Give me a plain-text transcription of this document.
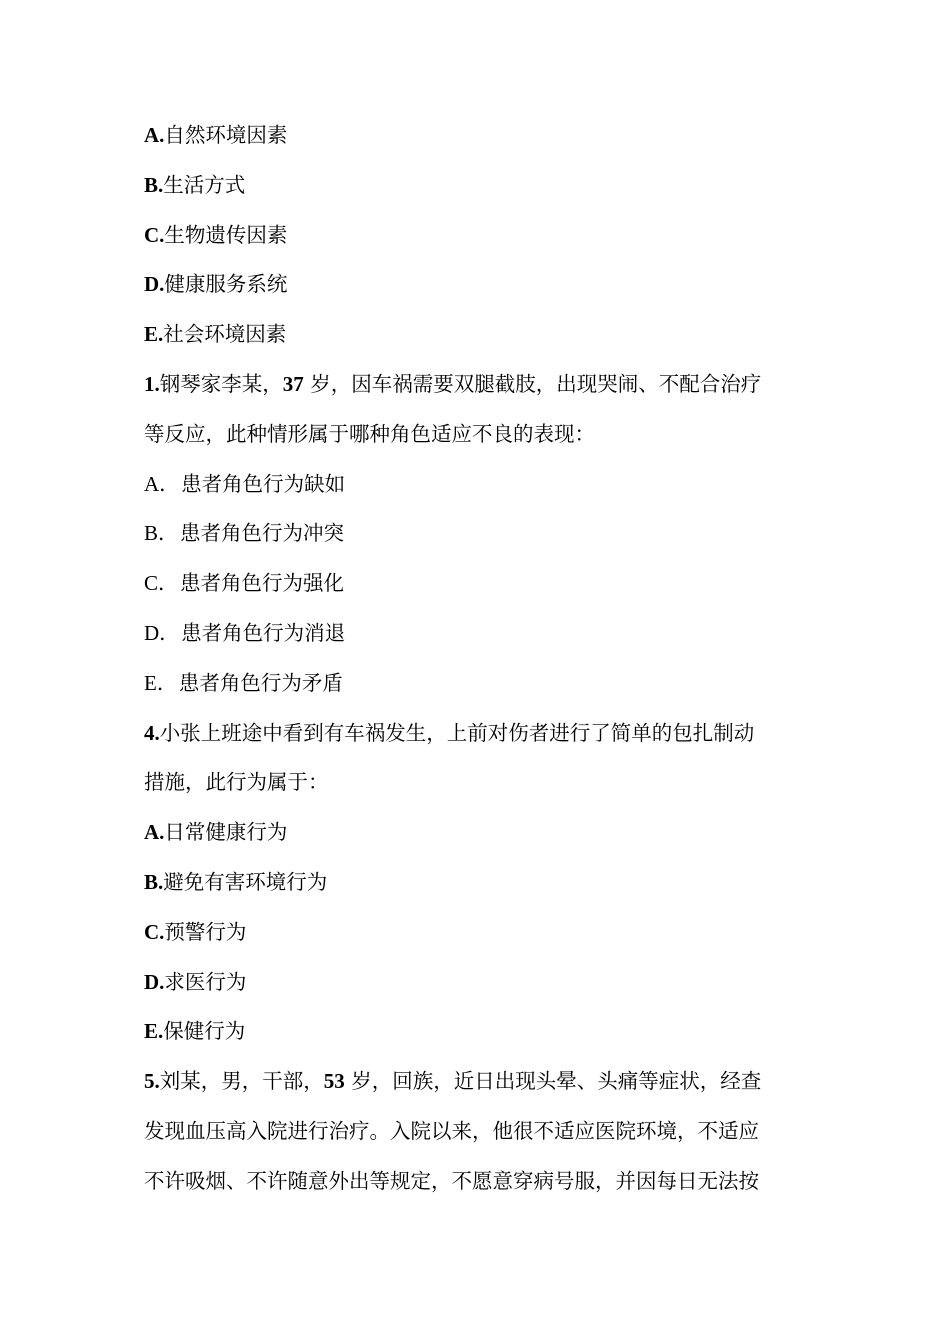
A.自然环境因素
B.生活方式
C.生物遗传因素
D.健康服务系统
E.社会环境因素
1.钢琴家李某，37 岁，因车祸需要双腿截肢，出现哭闹、不配合治疗
等反应，此种情形属于哪种角色适应不良的表现：
A．患者角色行为缺如
B．患者角色行为冲突
C．患者角色行为强化
D．患者角色行为消退
E．患者角色行为矛盾
4.小张上班途中看到有车祸发生，上前对伤者进行了简单的包扎制动
措施，此行为属于：
A.日常健康行为
B.避免有害环境行为
C.预警行为
D.求医行为
E.保健行为
5.刘某，男，干部，53 岁，回族，近日出现头晕、头痛等症状，经查
发现血压高入院进行治疗。入院以来，他很不适应医院环境，不适应
不许吸烟、不许随意外出等规定，不愿意穿病号服，并因每日无法按
